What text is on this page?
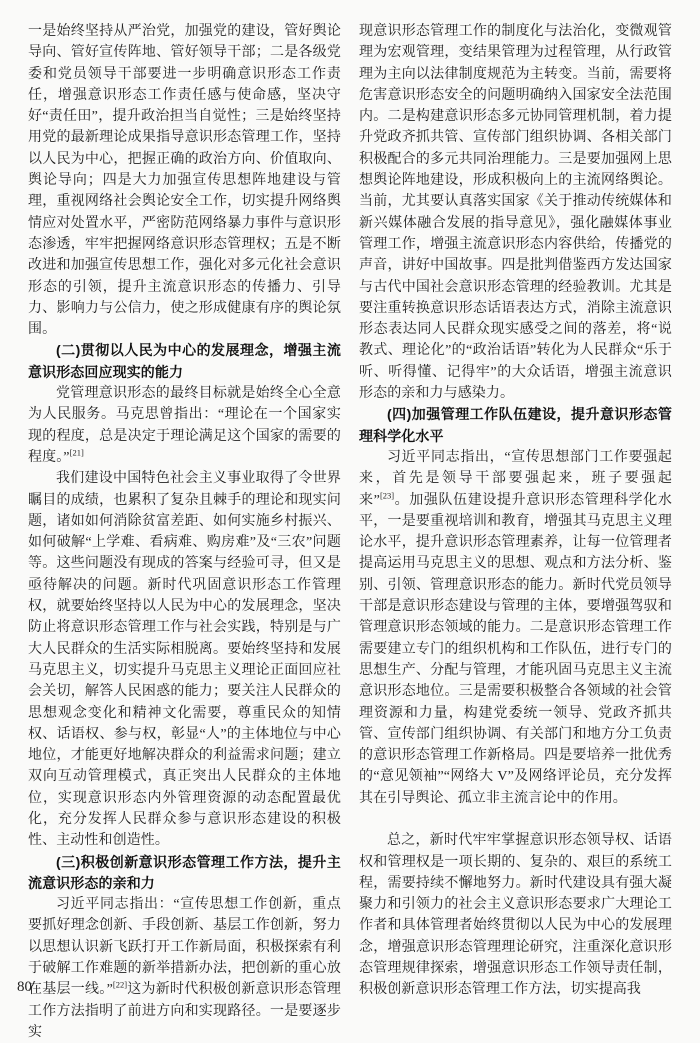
一是始终坚持从严治党，加强党的建设，管好舆论导向、管好宣传阵地、管好领导干部；二是各级党委和党员领导干部要进一步明确意识形态工作责任，增强意识形态工作责任感与使命感，坚决守好“责任田”，提升政治担当自觉性；三是始终坚持用党的最新理论成果指导意识形态管理工作，坚持以人民为中心，把握正确的政治方向、价值取向、舆论导向；四是大力加强宣传思想阵地建设与管理，重视网络社会舆论安全工作，切实提升网络舆情应对处置水平，严密防范网络暴力事件与意识形态渗透，牢牢把握网络意识形态管理权；五是不断改进和加强宣传思想工作，强化对多元化社会意识形态的引领，提升主流意识形态的传播力、引导力、影响力与公信力，使之形成健康有序的舆论氛围。

(二)贯彻以人民为中心的发展理念，增强主流意识形态回应现实的能力

党管理意识形态的最终目标就是始终全心全意为人民服务。马克思曾指出：“理论在一个国家实现的程度，总是决定于理论满足这个国家的需要的程度。”[21]

我们建设中国特色社会主义事业取得了令世界瞩目的成绩，也累积了复杂且棘手的理论和现实问题，诸如如何消除贫富差距、如何实施乡村振兴、如何破解“上学难、看病难、购房难”及“三农”问题等。这些问题没有现成的答案与经验可寻，但又是亟待解决的问题。新时代巩固意识形态工作管理权，就要始终坚持以人民为中心的发展理念，坚决防止将意识形态管理工作与社会实践，特别是与广大人民群众的生活实际相脱离。要始终坚持和发展马克思主义，切实提升马克思主义理论正面回应社会关切，解答人民困惑的能力；要关注人民群众的思想观念变化和精神文化需要，尊重民众的知情权、话语权、参与权，彰显“人”的主体地位与中心地位，才能更好地解决群众的利益需求问题；建立双向互动管理模式，真正突出人民群众的主体地位，实现意识形态内外管理资源的动态配置最优化，充分发挥人民群众参与意识形态建设的积极性、主动性和创造性。

(三)积极创新意识形态管理工作方法，提升主流意识形态的亲和力

习近平同志指出：“宣传思想工作创新，重点要抓好理念创新、手段创新、基层工作创新，努力以思想认识新飞跃打开工作新局面，积极探索有利于破解工作难题的新举措新办法，把创新的重心放在基层一线。”[22]这为新时代积极创新意识形态管理工作方法指明了前进方向和实现路径。一是要逐步实

现意识形态管理工作的制度化与法治化，变微观管理为宏观管理，变结果管理为过程管理，从行政管理为主向以法律制度规范为主转变。当前，需要将危害意识形态安全的问题明确纳入国家安全法范围内。二是构建意识形态多元协同管理机制，着力提升党政齐抓共管、宣传部门组织协调、各相关部门积极配合的多元共同治理能力。三是要加强网上思想舆论阵地建设，形成积极向上的主流网络舆论。当前，尤其要认真落实国家《关于推动传统媒体和新兴媒体融合发展的指导意见》，强化融媒体事业管理工作，增强主流意识形态内容供给，传播党的声音，讲好中国故事。四是批判借鉴西方发达国家与古代中国社会意识形态管理的经验教训。尤其是要注重转换意识形态话语表达方式，消除主流意识形态表达同人民群众现实感受之间的落差，将“说教式、理论化”的“政治话语”转化为人民群众“乐于听、听得懂、记得牢”的大众话语，增强主流意识形态的亲和力与感染力。

(四)加强管理工作队伍建设，提升意识形态管理科学化水平

习近平同志指出，“宣传思想部门工作要强起来，首先是领导干部要强起来，班子要强起来”[23]。加强队伍建设提升意识形态管理科学化水平，一是要重视培训和教育，增强其马克思主义理论水平，提升意识形态管理素养，让每一位管理者提高运用马克思主义的思想、观点和方法分析、鉴别、引领、管理意识形态的能力。新时代党员领导干部是意识形态建设与管理的主体，要增强驾驭和管理意识形态领域的能力。二是意识形态管理工作需要建立专门的组织机构和工作队伍，进行专门的思想生产、分配与管理，才能巩固马克思主义主流意识形态地位。三是需要积极整合各领域的社会管理资源和力量，构建党委统一领导、党政齐抓共管、宣传部门组织协调、有关部门和地方分工负责的意识形态管理工作新格局。四是要培养一批优秀的“意见领袖”“网络大 V”及网络评论员，充分发挥其在引导舆论、孤立非主流言论中的作用。

总之，新时代牢牢掌握意识形态领导权、话语权和管理权是一项长期的、复杂的、艰巨的系统工程，需要持续不懈地努力。新时代建设具有强大凝聚力和引领力的社会主义意识形态要求广大理论工作者和具体管理者始终贯彻以人民为中心的发展理念，增强意识形态管理理论研究，注重深化意识形态管理规律探索，增强意识形态工作领导责任制，积极创新意识形态管理工作方法，切实提高我

80
